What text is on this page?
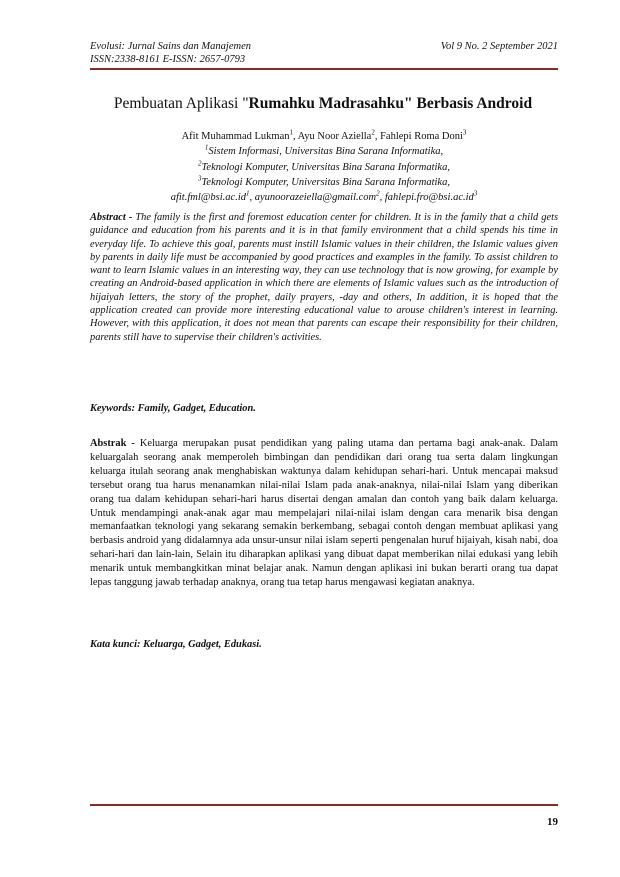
Evolusi: Jurnal Sains dan Manajemen	Vol 9 No. 2 September 2021
ISSN:2338-8161 E-ISSN: 2657-0793
Pembuatan Aplikasi "Rumahku Madrasahku" Berbasis Android
Afit Muhammad Lukman$^1$, Ayu Noor Aziella$^2$, Fahlepi Roma Doni$^3$
$^1$Sistem Informasi, Universitas Bina Sarana Informatika,
$^2$Teknologi Komputer, Universitas Bina Sarana Informatika,
$^3$Teknologi Komputer, Universitas Bina Sarana Informatika,
$afit.fml@bsi.ac.id^1$, ayunoorazeiella@gmail.com$^2$, $fahlepi.fro@bsi.ac.id^3$
Abstract - The family is the first and foremost education center for children. It is in the family that a child gets guidance and education from his parents and it is in that family environment that a child spends his time in everyday life. To achieve this goal, parents must instill Islamic values in their children, the Islamic values given by parents in daily life must be accompanied by good practices and examples in the family. To assist children to want to learn Islamic values in an interesting way, they can use technology that is now growing, for example by creating an Android-based application in which there are elements of Islamic values such as the introduction of hijaiyah letters, the story of the prophet, daily prayers, -day and others, In addition, it is hoped that the application created can provide more interesting educational value to arouse children's interest in learning. However, with this application, it does not mean that parents can escape their responsibility for their children, parents still have to supervise their children's activities.
Keywords: Family, Gadget, Education.
Abstrak - Keluarga merupakan pusat pendidikan yang paling utama dan pertama bagi anak-anak. Dalam keluargalah seorang anak memperoleh bimbingan dan pendidikan dari orang tua serta dalam lingkungan keluarga itulah seorang anak menghabiskan waktunya dalam kehidupan sehari-hari. Untuk mencapai maksud tersebut orang tua harus menanamkan nilai-nilai Islam pada anak-anaknya, nilai-nilai Islam yang diberikan orang tua dalam kehidupan sehari-hari harus disertai dengan amalan dan contoh yang baik dalam keluarga. Untuk mendampingi anak-anak agar mau mempelajari nilai-nilai islam dengan cara menarik bisa dengan memanfaatkan teknologi yang sekarang semakin berkembang, sebagai contoh dengan membuat aplikasi yang berbasis android yang didalamnya ada unsur-unsur nilai islam seperti pengenalan huruf hijaiyah, kisah nabi, doa sehari-hari dan lain-lain, Selain itu diharapkan aplikasi yang dibuat dapat memberikan nilai edukasi yang lebih menarik untuk membangkitkan minat belajar anak. Namun dengan aplikasi ini bukan berarti orang tua dapat lepas tanggung jawab terhadap anaknya, orang tua tetap harus mengawasi kegiatan anaknya.
Kata kunci: Keluarga, Gadget, Edukasi.
19
